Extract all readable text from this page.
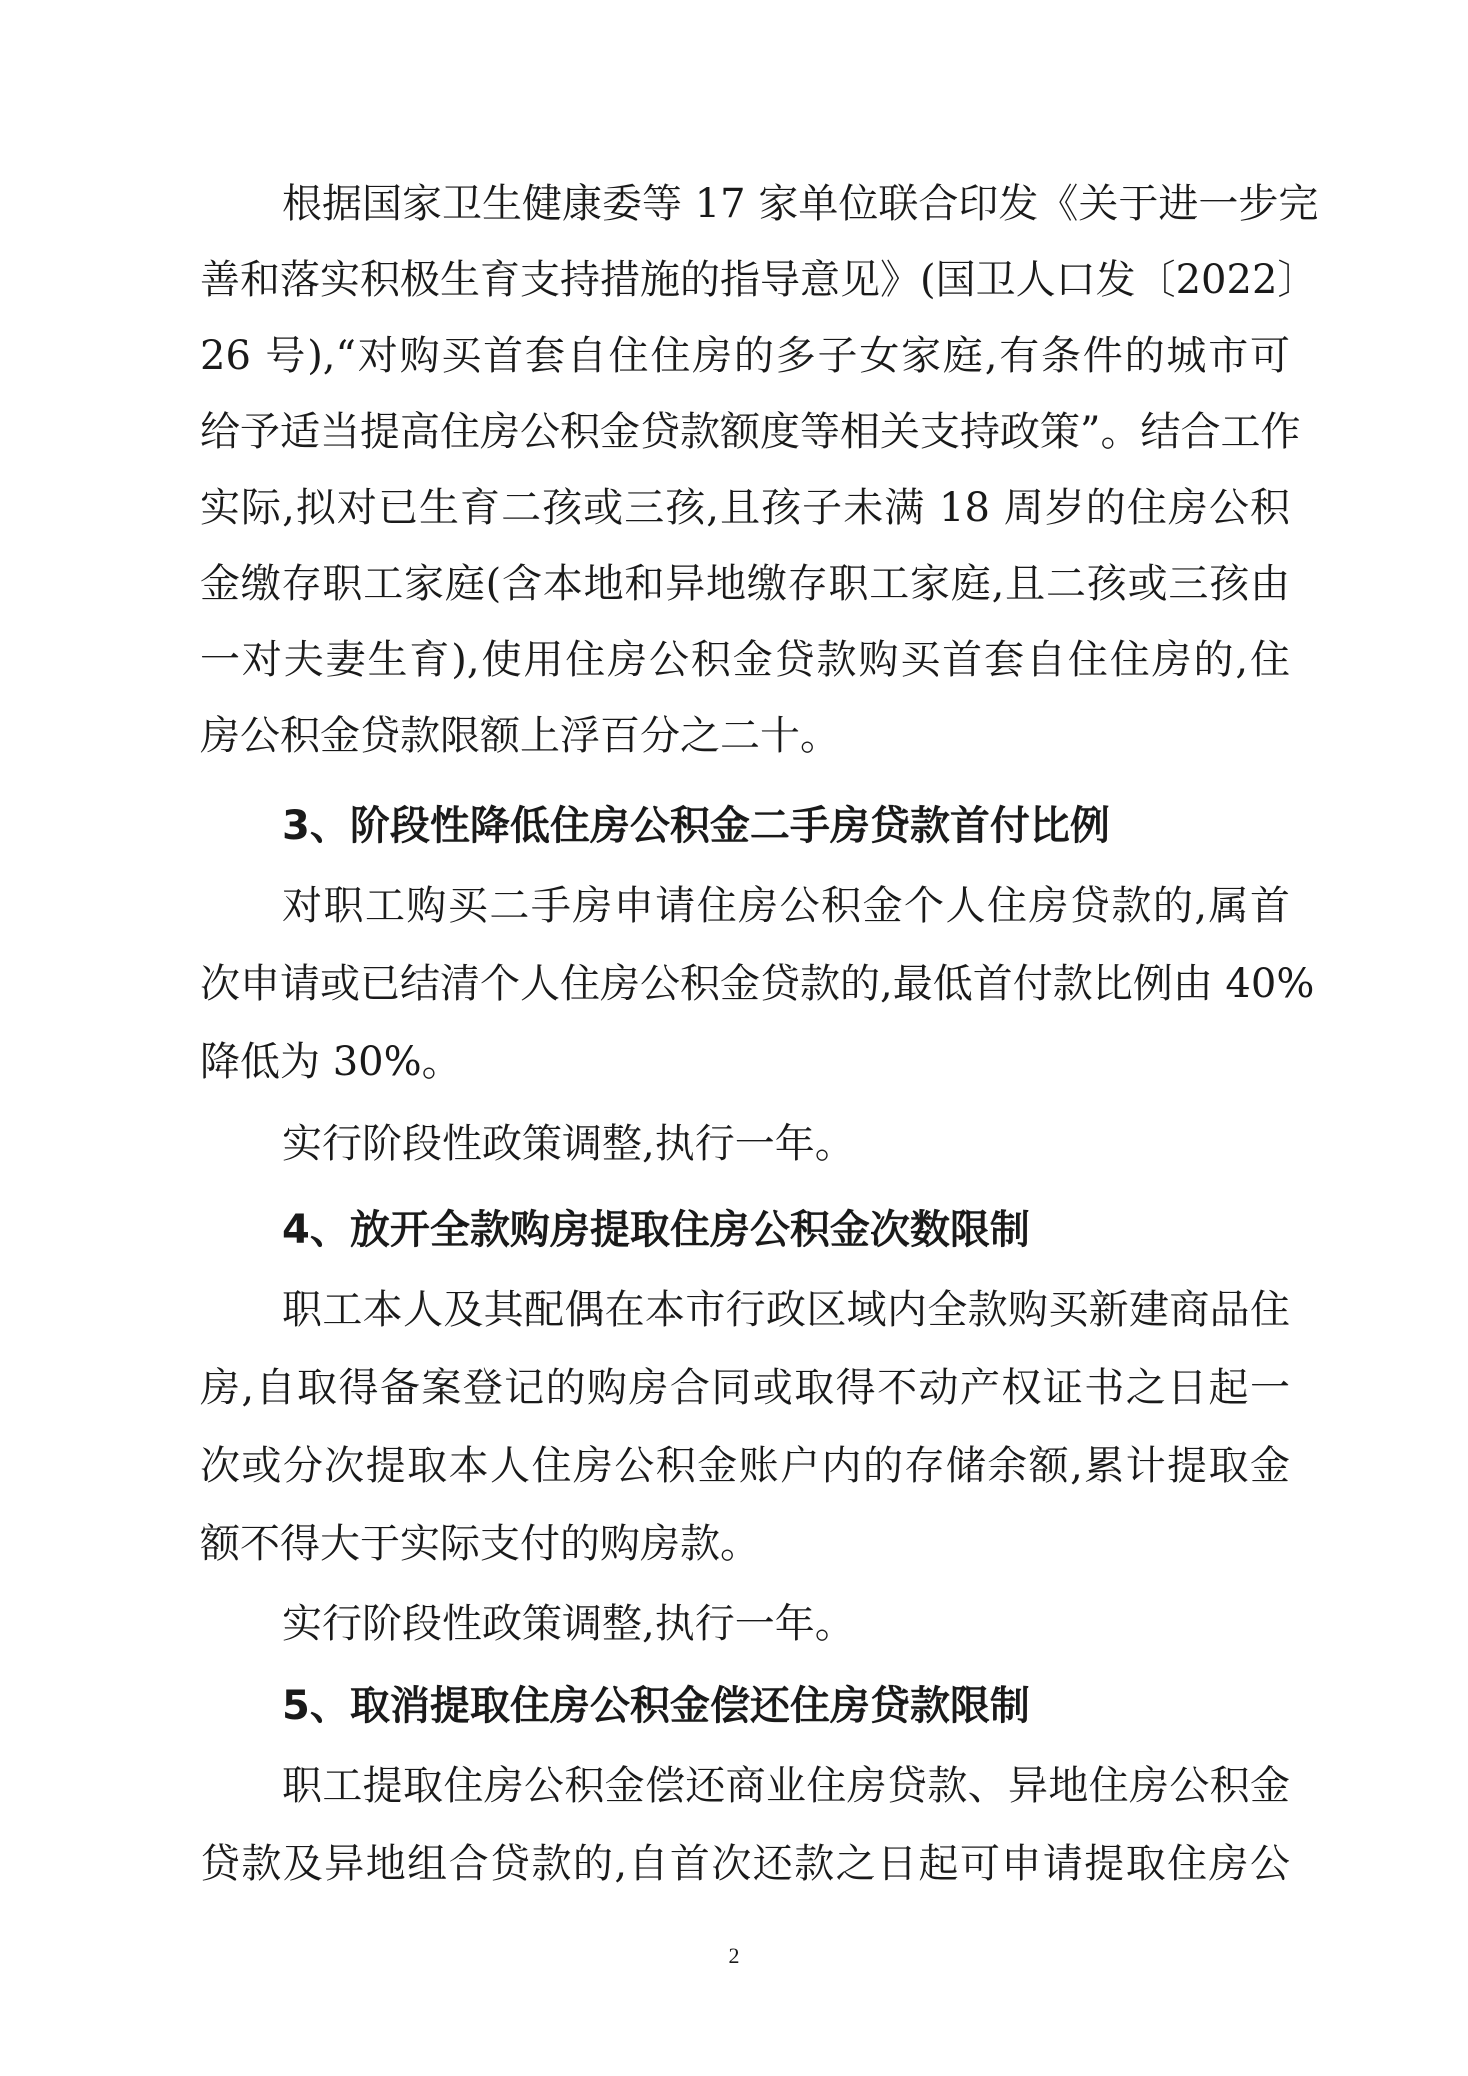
根据国家卫生健康委等 17 家单位联合印发《关于进一步完
善和落实积极生育支持措施的指导意见》(国卫人口发〔2022〕
26 号),“对购买首套自住住房的多子女家庭,有条件的城市可
给予适当提高住房公积金贷款额度等相关支持政策”。结合工作
实际,拟对已生育二孩或三孩,且孩子未满 18 周岁的住房公积
金缴存职工家庭(含本地和异地缴存职工家庭,且二孩或三孩由
一对夫妻生育),使用住房公积金贷款购买首套自住住房的,住
房公积金贷款限额上浮百分之二十。
3、阶段性降低住房公积金二手房贷款首付比例
对职工购买二手房申请住房公积金个人住房贷款的,属首
次申请或已结清个人住房公积金贷款的,最低首付款比例由 40%
降低为 30%。
实行阶段性政策调整,执行一年。
4、放开全款购房提取住房公积金次数限制
职工本人及其配偶在本市行政区域内全款购买新建商品住
房,自取得备案登记的购房合同或取得不动产权证书之日起一
次或分次提取本人住房公积金账户内的存储余额,累计提取金
额不得大于实际支付的购房款。
实行阶段性政策调整,执行一年。
5、取消提取住房公积金偿还住房贷款限制
职工提取住房公积金偿还商业住房贷款、异地住房公积金
贷款及异地组合贷款的,自首次还款之日起可申请提取住房公
2
